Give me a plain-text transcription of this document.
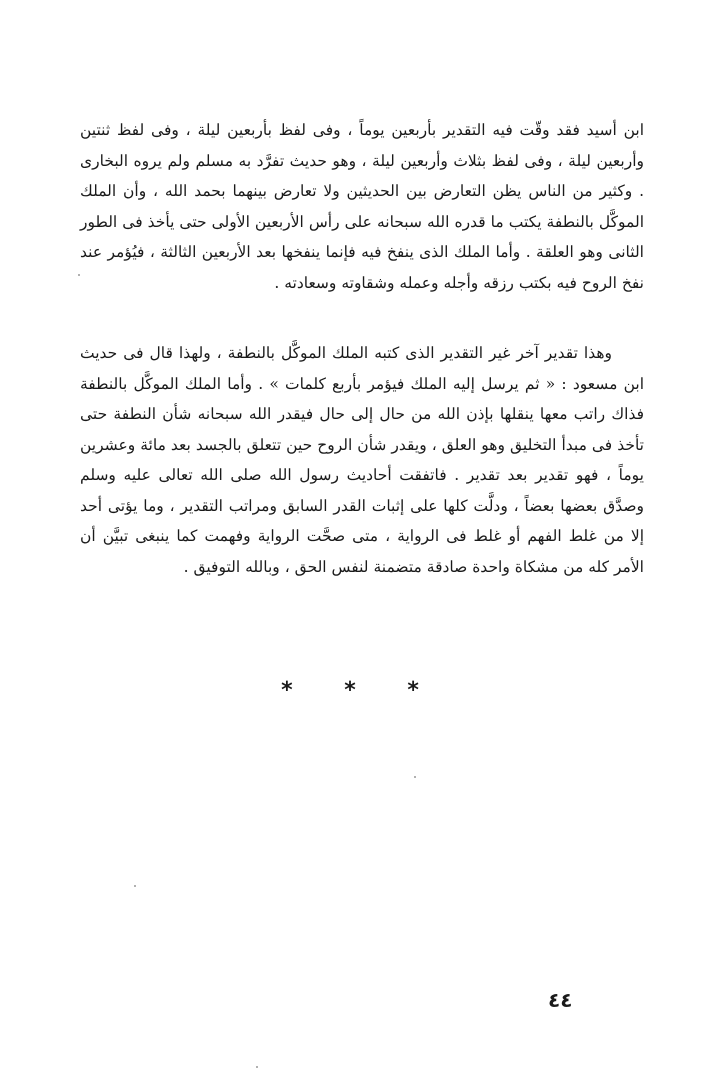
ابن أسيد فقد وقّت فيه التقدير بأربعين يوماً ، وفى لفظ بأربعين ليلة ، وفى لفظ ثنتين وأربعين ليلة ، وفى لفظ بثلاث وأربعين ليلة ، وهو حديث تفرَّد به مسلم ولم يروه البخارى . وكثير من الناس يظن التعارض بين الحديثين ولا تعارض بينهما بحمد الله ، وأن الملك الموكَّل بالنطفة يكتب ما قدره الله سبحانه على رأس الأربعين الأولى حتى يأخذ فى الطور الثانى وهو العلقة . وأما الملك الذى ينفخ فيه فإنما ينفخها بعد الأربعين الثالثة ، فيُؤمر عند نفخ الروح فيه بكتب رزقه وأجله وعمله وشقاوته وسعادته .

وهذا تقدير آخر غير التقدير الذى كتبه الملك الموكَّل بالنطفة ، ولهذا قال فى حديث ابن مسعود : « ثم يرسل إليه الملك فيؤمر بأربع كلمات » . وأما الملك الموكَّل بالنطفة فذاك راتب معها ينقلها بإذن الله من حال إلى حال فيقدر الله سبحانه شأن النطفة حتى تأخذ فى مبدأ التخليق وهو العلق ، ويقدر شأن الروح حين تتعلق بالجسد بعد مائة وعشرين يوماً ، فهو تقدير بعد تقدير . فاتفقت أحاديث رسول الله صلى الله تعالى عليه وسلم وصدَّق بعضها بعضاً ، ودلَّت كلها على إثبات القدر السابق ومراتب التقدير ، وما يؤتى أحد إلا من غلط الفهم أو غلط فى الرواية ، متى صحَّت الرواية وفهمت كما ينبغى تبيَّن أن الأمر كله من مشكاة واحدة صادقة متضمنة لنفس الحق ، وبالله التوفيق .

* * *
٤٤
